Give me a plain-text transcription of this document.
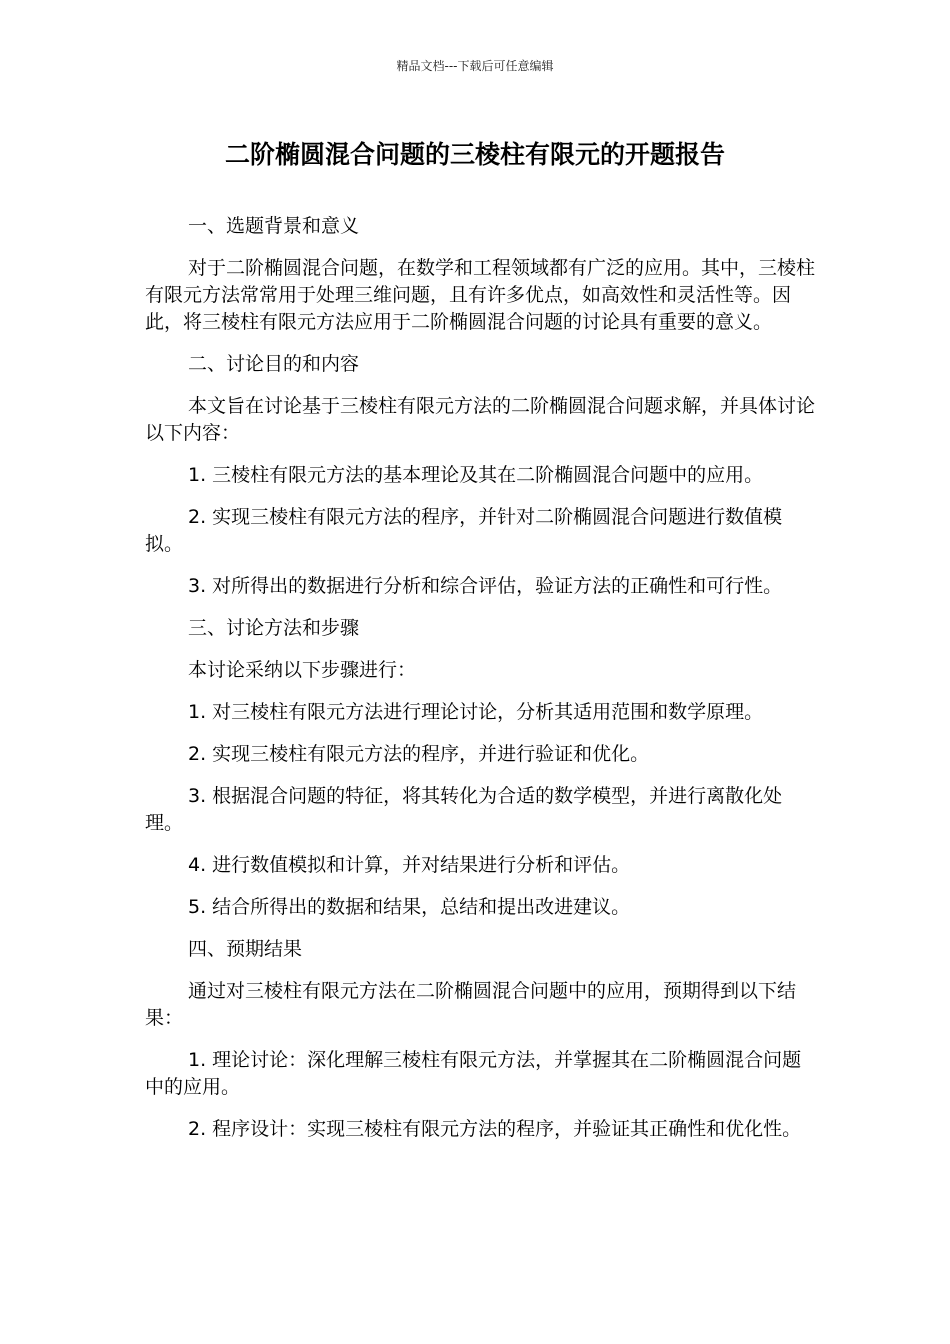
精品文档---下载后可任意编辑
二阶椭圆混合问题的三棱柱有限元的开题报告

一、选题背景和意义

对于二阶椭圆混合问题，在数学和工程领域都有广泛的应用。其中，三棱柱有限元方法常常用于处理三维问题，且有许多优点，如高效性和灵活性等。因此，将三棱柱有限元方法应用于二阶椭圆混合问题的讨论具有重要的意义。

二、讨论目的和内容

本文旨在讨论基于三棱柱有限元方法的二阶椭圆混合问题求解，并具体讨论以下内容：

1. 三棱柱有限元方法的基本理论及其在二阶椭圆混合问题中的应用。

2. 实现三棱柱有限元方法的程序，并针对二阶椭圆混合问题进行数值模拟。

3. 对所得出的数据进行分析和综合评估，验证方法的正确性和可行性。

三、讨论方法和步骤

本讨论采纳以下步骤进行：

1. 对三棱柱有限元方法进行理论讨论，分析其适用范围和数学原理。

2. 实现三棱柱有限元方法的程序，并进行验证和优化。

3. 根据混合问题的特征，将其转化为合适的数学模型，并进行离散化处理。

4. 进行数值模拟和计算，并对结果进行分析和评估。

5. 结合所得出的数据和结果，总结和提出改进建议。

四、预期结果

通过对三棱柱有限元方法在二阶椭圆混合问题中的应用，预期得到以下结果：

1. 理论讨论：深化理解三棱柱有限元方法，并掌握其在二阶椭圆混合问题中的应用。

2. 程序设计：实现三棱柱有限元方法的程序，并验证其正确性和优化性。
